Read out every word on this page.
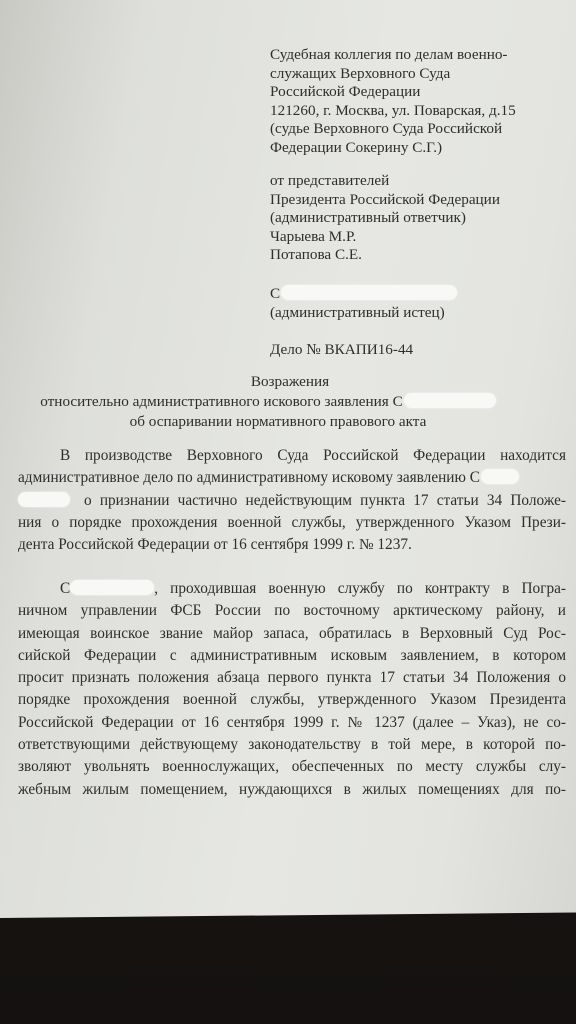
Судебная коллегия по делам военно-
служащих Верховного Суда
Российской Федерации
121260, г. Москва, ул. Поварская, д.15
(судье Верховного Суда Российской
Федерации Сокерину С.Г.)
от представителей
Президента Российской Федерации
(административный ответчик)
Чарыева М.Р.
Потапова С.Е.
С
(административный истец)
Дело № ВКАПИ16-44
Возражения
относительно административного искового заявления С
об оспаривании нормативного правового акта
В производстве Верховного Суда Российской Федерации находится
административное дело по административному исковому заявлению С
о признании частично недействующим пункта 17 статьи 34 Положе-
ния о порядке прохождения военной службы, утвержденного Указом Прези-
дента Российской Федерации от 16 сентября 1999 г. № 1237.
С	, проходившая военную службу по контракту в Погра-
ничном управлении ФСБ России по восточному арктическому району, и
имеющая воинское звание майор запаса, обратилась в Верховный Суд Рос-
сийской Федерации с административным исковым заявлением, в котором
просит признать положения абзаца первого пункта 17 статьи 34 Положения о
порядке прохождения военной службы, утвержденного Указом Президента
Российской Федерации от 16 сентября 1999 г. № 1237 (далее – Указ), не со-
ответствующими действующему законодательству в той мере, в которой по-
зволяют увольнять военнослужащих, обеспеченных по месту службы слу-
жебным жилым помещением, нуждающихся в жилых помещениях для по-
